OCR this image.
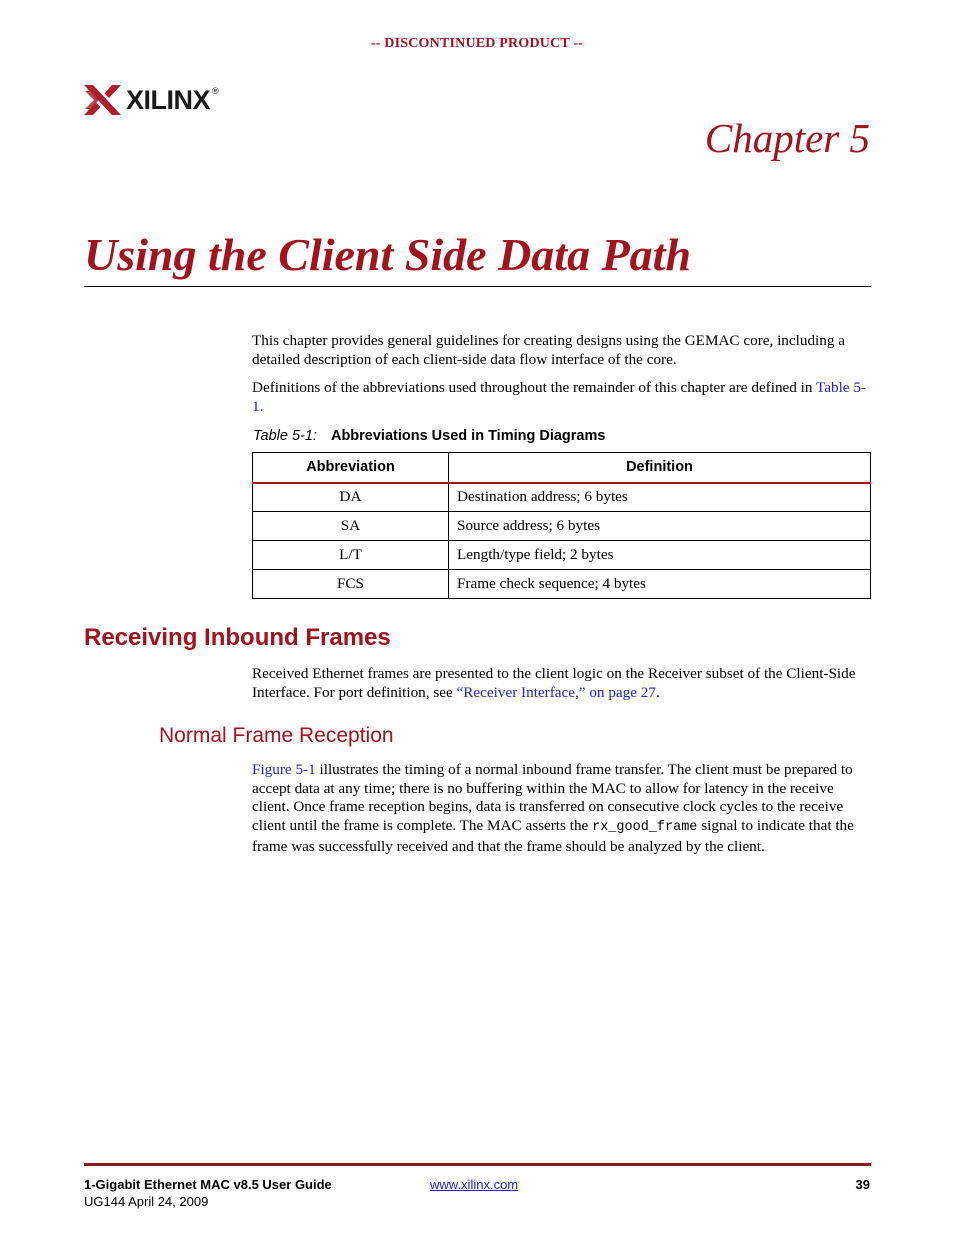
-- DISCONTINUED PRODUCT --
XILINX ®
Chapter 5
Using the Client Side Data Path
This chapter provides general guidelines for creating designs using the GEMAC core, including a detailed description of each client-side data flow interface of the core.
Definitions of the abbreviations used throughout the remainder of this chapter are defined in Table 5-1.
Table 5-1: Abbreviations Used in Timing Diagrams
Abbreviation	Definition
DA	Destination address; 6 bytes
SA	Source address; 6 bytes
L/T	Length/type field; 2 bytes
FCS	Frame check sequence; 4 bytes
Receiving Inbound Frames
Received Ethernet frames are presented to the client logic on the Receiver subset of the Client-Side Interface. For port definition, see “Receiver Interface,” on page 27.
Normal Frame Reception
Figure 5-1 illustrates the timing of a normal inbound frame transfer. The client must be prepared to accept data at any time; there is no buffering within the MAC to allow for latency in the receive client. Once frame reception begins, data is transferred on consecutive clock cycles to the receive client until the frame is complete. The MAC asserts the rx_good_frame signal to indicate that the frame was successfully received and that the frame should be analyzed by the client.
1-Gigabit Ethernet MAC v8.5 User Guide
UG144 April 24, 2009
www.xilinx.com	39
